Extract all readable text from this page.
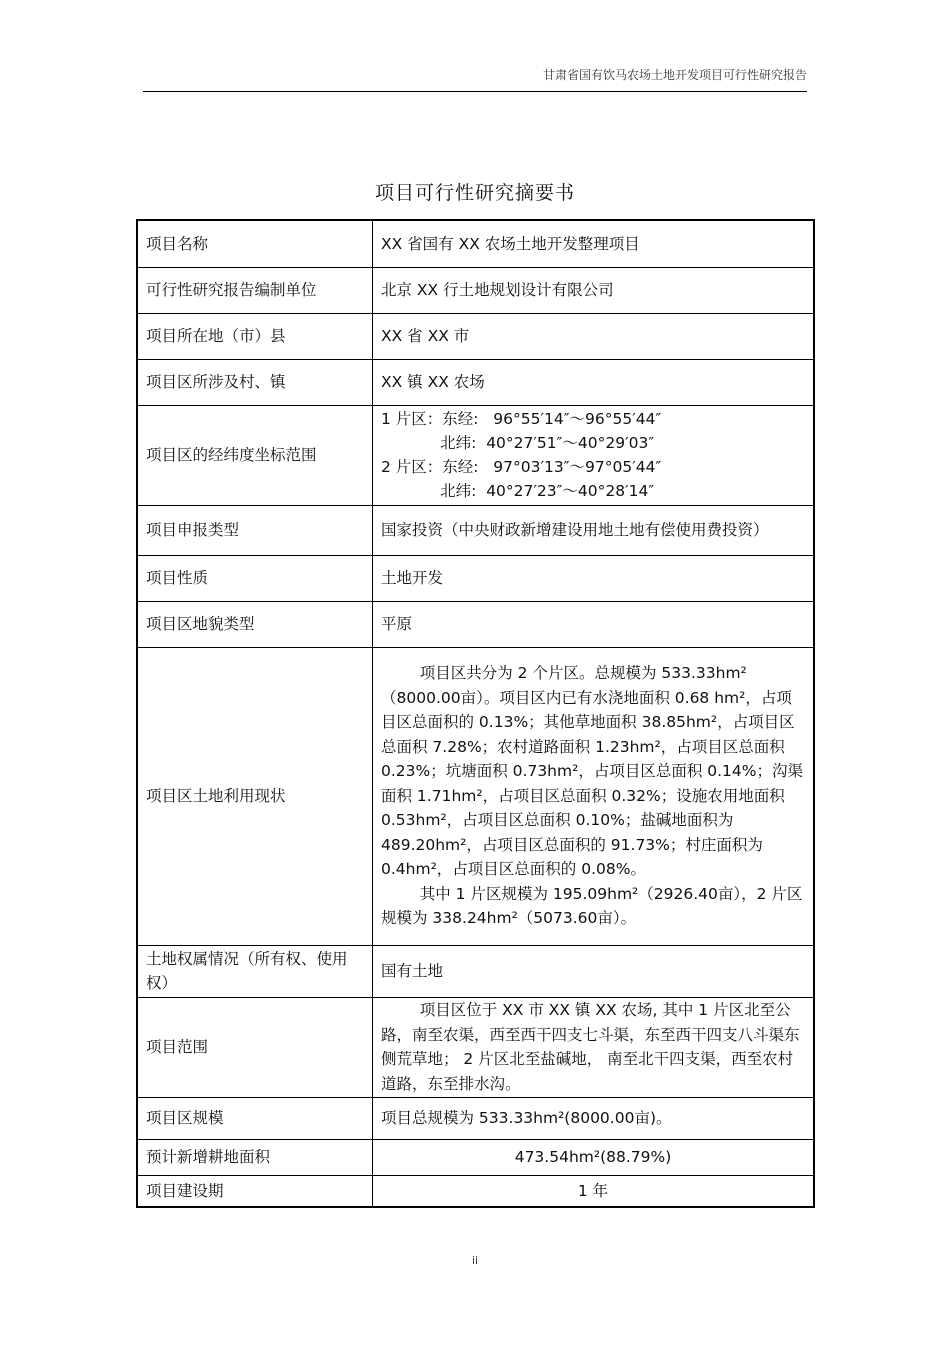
甘肃省国有饮马农场土地开发项目可行性研究报告
项目可行性研究摘要书
项目名称	XX 省国有 XX 农场土地开发整理项目
可行性研究报告编制单位	北京 XX 行土地规划设计有限公司
项目所在地（市）县	XX 省 XX 市
项目区所涉及村、镇	XX 镇 XX 农场
项目区的经纬度坐标范围	1 片区：东经:   96°55′14″～96°55′44″
北纬:  40°27′51″～40°29′03″
2 片区：东经:   97°03′13″～97°05′44″
北纬:  40°27′23″～40°28′14″

项目申报类型	国家投资（中央财政新增建设用地土地有偿使用费投资）
项目性质	土地开发
项目区地貌类型	平原
项目区土地利用现状	项目区共分为 2 个片区。总规模为 533.33hm²（8000.00亩）。项目区内已有水浇地面积 0.68 hm²，占项目区总面积的 0.13%；其他草地面积 38.85hm²，占项目区总面积 7.28%；农村道路面积 1.23hm²，占项目区总面积 0.23%；坑塘面积 0.73hm²，占项目区总面积 0.14%；沟渠面积 1.71hm²，占项目区总面积 0.32%；设施农用地面积 0.53hm²，占项目区总面积 0.10%；盐碱地面积为 489.20hm²，占项目区总面积的 91.73%；村庄面积为 0.4hm²，占项目区总面积的 0.08%。

其中 1 片区规模为 195.09hm²（2926.40亩），2 片区规模为 338.24hm²（5073.60亩）。

土地权属情况（所有权、使用权）	国有土地
项目范围	项目区位于 XX 市 XX 镇 XX 农场, 其中 1 片区北至公路，南至农渠，西至西干四支七斗渠，东至西干四支八斗渠东侧荒草地； 2 片区北至盐碱地， 南至北干四支渠，西至农村道路，东至排水沟。

项目区规模	项目总规模为 533.33hm²(8000.00亩)。
预计新增耕地面积	473.54hm²(88.79%)
项目建设期	1 年
ii
